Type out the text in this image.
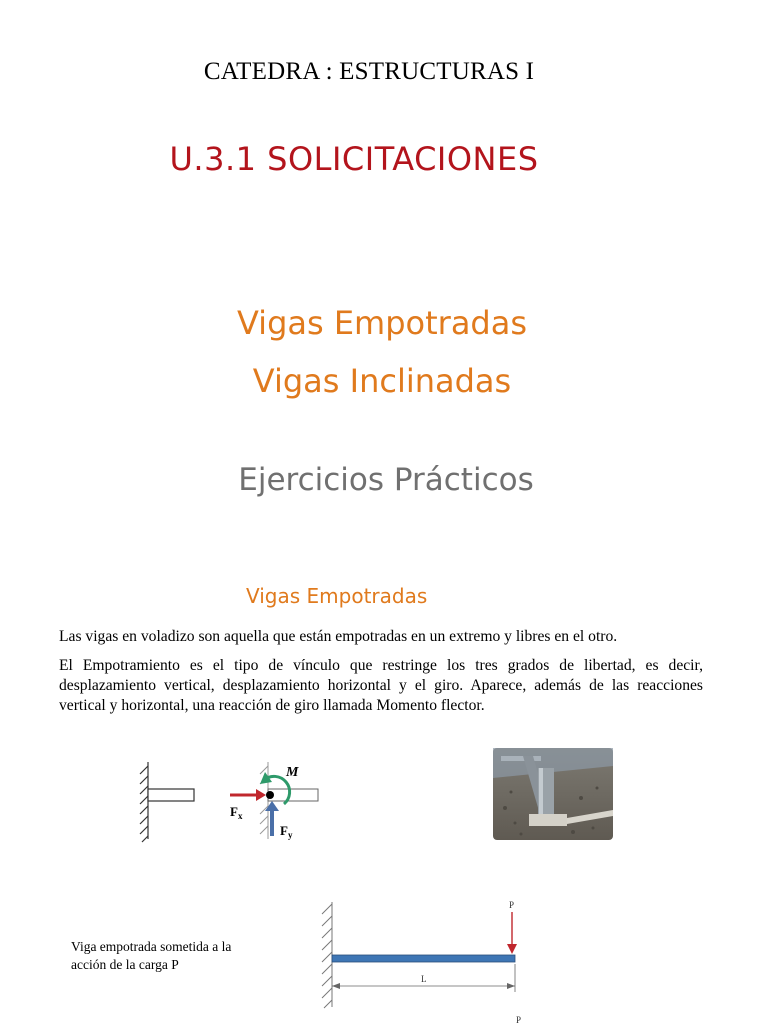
CATEDRA : ESTRUCTURAS I
U.3.1 SOLICITACIONES
Vigas Empotradas
Vigas Inclinadas
Ejercicios Prácticos
Vigas Empotradas
Las vigas en voladizo son aquella que están empotradas en un extremo y libres en el otro.
El Empotramiento es el tipo de vínculo que restringe los tres grados de libertad, es decir, desplazamiento vertical, desplazamiento horizontal y el giro. Aparece, además de las reacciones vertical y horizontal, una reacción de giro llamada Momento flector.
M
$F_x$
$F_y$
P
L
P
Viga empotrada sometida a la acción de la carga P
